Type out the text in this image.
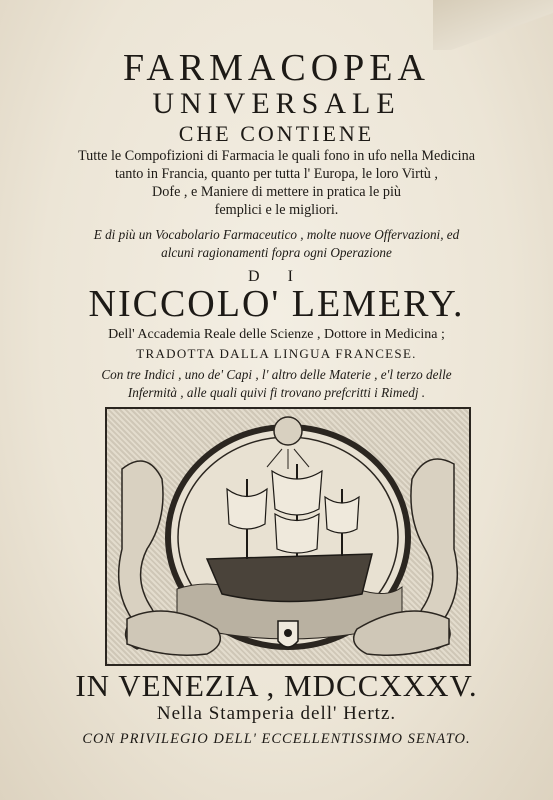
FARMACOPEA
UNIVERSALE
CHE CONTIENE
Tutte le Compofizioni di Farmacia le quali fono in ufo nella Medicina
tanto in Francia, quanto per tutta l' Europa, le loro Virtù ,
Dofe , e Maniere di mettere in pratica le più
femplici e le migliori.
E di più un Vocabolario Farmaceutico , molte nuove Offervazioni, ed
alcuni ragionamenti fopra ogni Operazione
D I
NICCOLO' LEMERY.
Dell' Accademia Reale delle Scienze , Dottore in Medicina ;
TRADOTTA DALLA LINGUA FRANCESE.
Con tre Indici , uno de' Capi , l' altro delle Materie , e'l terzo delle
Infermità , alle quali quivi fi trovano prefcritti i Rimedj .
IN VENEZIA , MDCCXXXV.
Nella Stamperia dell' Hertz.
CON PRIVILEGIO DELL' ECCELLENTISSIMO SENATO.
